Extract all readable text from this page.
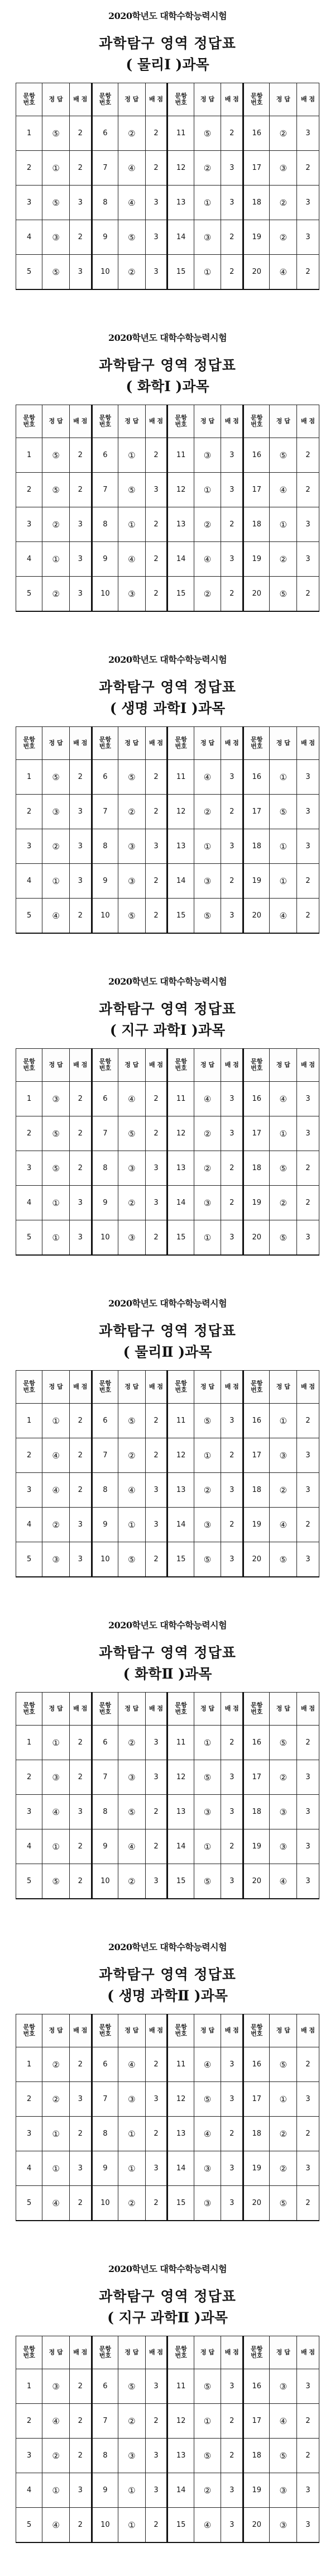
2020학년도 대학수학능력시험
과학탐구 영역 정답표
( 물리Ⅰ )과목
문항
번호	정 답	배 점	문항
번호	정 답	배 점	문항
번호	정 답	배 점	문항
번호	정 답	배 점
1	⑤	2	6	②	2	11	⑤	2	16	②	3
2	①	2	7	④	2	12	②	3	17	③	2
3	⑤	3	8	④	3	13	①	3	18	②	3
4	③	2	9	⑤	3	14	③	2	19	②	3
5	⑤	3	10	②	3	15	①	2	20	④	2
2020학년도 대학수학능력시험
과학탐구 영역 정답표
( 화학Ⅰ )과목
문항
번호	정 답	배 점	문항
번호	정 답	배 점	문항
번호	정 답	배 점	문항
번호	정 답	배 점
1	⑤	2	6	①	2	11	③	3	16	⑤	2
2	⑤	2	7	⑤	3	12	①	3	17	④	2
3	②	3	8	①	2	13	②	2	18	①	3
4	①	3	9	④	2	14	④	3	19	②	3
5	②	3	10	③	2	15	②	2	20	⑤	2
2020학년도 대학수학능력시험
과학탐구 영역 정답표
( 생명 과학Ⅰ )과목
문항
번호	정 답	배 점	문항
번호	정 답	배 점	문항
번호	정 답	배 점	문항
번호	정 답	배 점
1	⑤	2	6	⑤	2	11	④	3	16	①	3
2	③	3	7	②	2	12	②	2	17	⑤	3
3	②	3	8	③	3	13	①	3	18	①	3
4	①	3	9	③	2	14	③	2	19	①	2
5	④	2	10	⑤	2	15	⑤	3	20	④	2
2020학년도 대학수학능력시험
과학탐구 영역 정답표
( 지구 과학Ⅰ )과목
문항
번호	정 답	배 점	문항
번호	정 답	배 점	문항
번호	정 답	배 점	문항
번호	정 답	배 점
1	③	2	6	④	2	11	④	3	16	④	3
2	⑤	2	7	⑤	2	12	②	3	17	①	3
3	⑤	2	8	③	3	13	②	2	18	⑤	2
4	①	3	9	②	3	14	③	2	19	②	2
5	①	3	10	③	2	15	①	3	20	⑤	3
2020학년도 대학수학능력시험
과학탐구 영역 정답표
( 물리Ⅱ )과목
문항
번호	정 답	배 점	문항
번호	정 답	배 점	문항
번호	정 답	배 점	문항
번호	정 답	배 점
1	①	2	6	⑤	2	11	⑤	3	16	①	2
2	④	2	7	②	2	12	①	2	17	③	3
3	④	2	8	④	3	13	②	3	18	②	3
4	②	3	9	①	3	14	③	2	19	④	2
5	③	3	10	⑤	2	15	⑤	3	20	⑤	3
2020학년도 대학수학능력시험
과학탐구 영역 정답표
( 화학Ⅱ )과목
문항
번호	정 답	배 점	문항
번호	정 답	배 점	문항
번호	정 답	배 점	문항
번호	정 답	배 점
1	①	2	6	②	3	11	①	2	16	⑤	2
2	③	2	7	③	3	12	⑤	3	17	②	3
3	④	3	8	⑤	2	13	③	3	18	③	3
4	①	2	9	④	2	14	①	2	19	③	3
5	⑤	2	10	②	3	15	⑤	3	20	④	3
2020학년도 대학수학능력시험
과학탐구 영역 정답표
( 생명 과학Ⅱ )과목
문항
번호	정 답	배 점	문항
번호	정 답	배 점	문항
번호	정 답	배 점	문항
번호	정 답	배 점
1	②	2	6	④	2	11	④	3	16	⑤	2
2	②	3	7	③	3	12	⑤	3	17	①	3
3	①	2	8	①	2	13	④	2	18	②	2
4	①	3	9	①	3	14	③	3	19	②	3
5	④	2	10	②	2	15	③	3	20	⑤	2
2020학년도 대학수학능력시험
과학탐구 영역 정답표
( 지구 과학Ⅱ )과목
문항
번호	정 답	배 점	문항
번호	정 답	배 점	문항
번호	정 답	배 점	문항
번호	정 답	배 점
1	③	2	6	⑤	3	11	⑤	3	16	③	3
2	④	2	7	②	2	12	①	2	17	④	2
3	②	2	8	③	3	13	⑤	2	18	⑤	2
4	①	3	9	①	3	14	②	3	19	③	3
5	④	2	10	①	2	15	④	3	20	③	3
